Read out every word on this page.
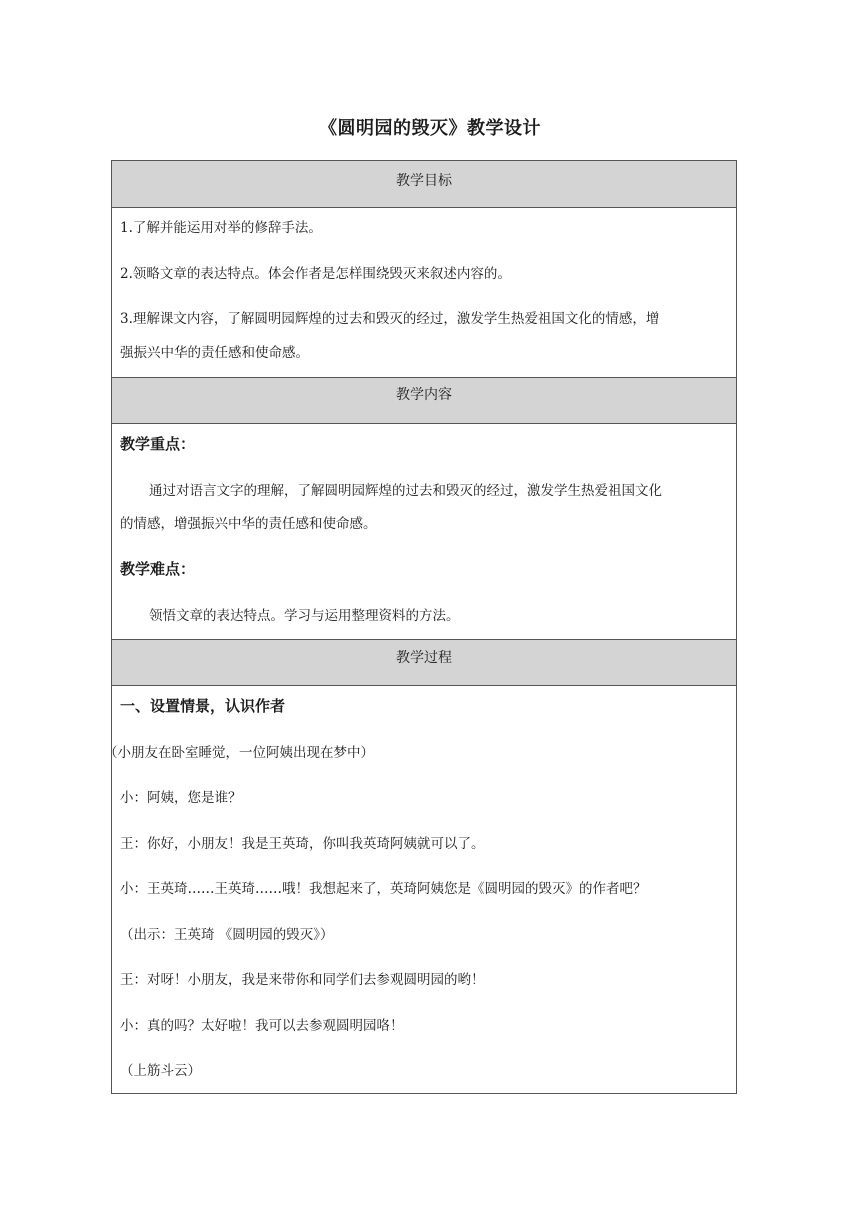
《圆明园的毁灭》教学设计
教学目标
1.了解并能运用对举的修辞手法。
2.领略文章的表达特点。体会作者是怎样围绕毁灭来叙述内容的。
3.理解课文内容，了解圆明园辉煌的过去和毁灭的经过，激发学生热爱祖国文化的情感，增
强振兴中华的责任感和使命感。
教学内容
教学重点：
通过对语言文字的理解，了解圆明园辉煌的过去和毁灭的经过，激发学生热爱祖国文化
的情感，增强振兴中华的责任感和使命感。
教学难点：
领悟文章的表达特点。学习与运用整理资料的方法。
教学过程
一、设置情景，认识作者
（小朋友在卧室睡觉，一位阿姨出现在梦中）
小：阿姨，您是谁？
王：你好，小朋友！我是王英琦，你叫我英琦阿姨就可以了。
小：王英琦……王英琦……哦！我想起来了，英琦阿姨您是《圆明园的毁灭》的作者吧？
（出示：王英琦 《圆明园的毁灭》）
王：对呀！小朋友，我是来带你和同学们去参观圆明园的哟！
小：真的吗？太好啦！我可以去参观圆明园咯！
（上筋斗云）
